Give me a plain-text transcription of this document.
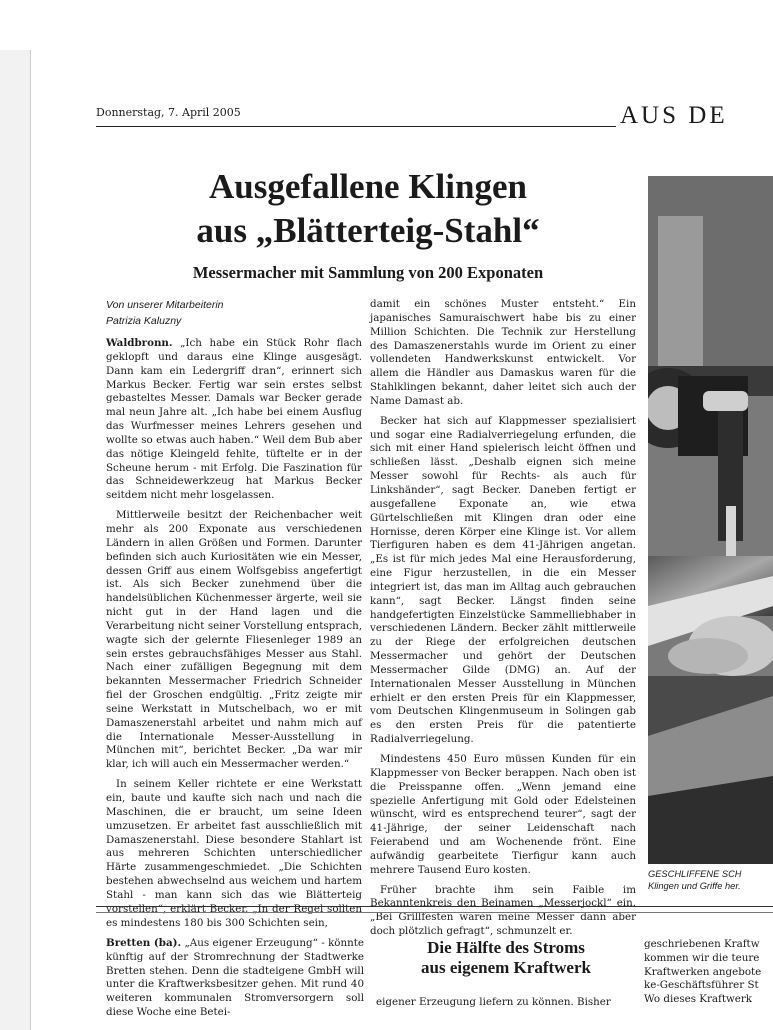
Donnerstag, 7. April 2005	AUS DE
Ausgefallene Klingen
aus „Blätterteig-Stahl“
Messermacher mit Sammlung von 200 Exponaten
Von unserer Mitarbeiterin
Patrizia Kaluzny

Waldbronn. „Ich habe ein Stück Rohr flach geklopft und daraus eine Klinge ausgesägt. Dann kam ein Ledergriff dran“, erinnert sich Markus Becker. Fertig war sein erstes selbst gebasteltes Messer. Damals war Becker gerade mal neun Jahre alt. „Ich habe bei einem Ausflug das Wurfmesser meines Lehrers gesehen und wollte so etwas auch haben.“ Weil dem Bub aber das nötige Kleingeld fehlte, tüftelte er in der Scheune herum - mit Erfolg. Die Faszination für das Schneidewerkzeug hat Markus Becker seitdem nicht mehr losgelassen.

Mittlerweile besitzt der Reichenbacher weit mehr als 200 Exponate aus verschiedenen Ländern in allen Größen und Formen. Darunter befinden sich auch Kuriositäten wie ein Messer, dessen Griff aus einem Wolfsgebiss angefertigt ist. Als sich Becker zunehmend über die handelsüblichen Küchenmesser ärgerte, weil sie nicht gut in der Hand lagen und die Verarbeitung nicht seiner Vorstellung entsprach, wagte sich der gelernte Fliesenleger 1989 an sein erstes gebrauchsfähiges Messer aus Stahl. Nach einer zufälligen Begegnung mit dem bekannten Messermacher Friedrich Schneider fiel der Groschen endgültig. „Fritz zeigte mir seine Werkstatt in Mutschelbach, wo er mit Damaszenerstahl arbeitet und nahm mich auf die Internationale Messer-Ausstellung in München mit“, berichtet Becker. „Da war mir klar, ich will auch ein Messermacher werden.“

In seinem Keller richtete er eine Werkstatt ein, baute und kaufte sich nach und nach die Maschinen, die er braucht, um seine Ideen umzusetzen. Er arbeitet fast ausschließlich mit Damaszenerstahl. Diese besondere Stahlart ist aus mehreren Schichten unterschiedlicher Härte zusammengeschmiedet. „Die Schichten bestehen abwechselnd aus weichem und hartem Stahl - man kann sich das wie Blätterteig vorstellen“, erklärt Becker. „In der Regel sollten es mindestens 180 bis 300 Schichten sein,

damit ein schönes Muster entsteht.“ Ein japanisches Samuraischwert habe bis zu einer Million Schichten. Die Technik zur Herstellung des Damaszenerstahls wurde im Orient zu einer vollendeten Handwerkskunst entwickelt. Vor allem die Händler aus Damaskus waren für die Stahlklingen bekannt, daher leitet sich auch der Name Damast ab.

Becker hat sich auf Klappmesser spezialisiert und sogar eine Radialverriegelung erfunden, die sich mit einer Hand spielerisch leicht öffnen und schließen lässt. „Deshalb eignen sich meine Messer sowohl für Rechts- als auch für Linkshänder“, sagt Becker. Daneben fertigt er ausgefallene Exponate an, wie etwa Gürtelschließen mit Klingen dran oder eine Hornisse, deren Körper eine Klinge ist. Vor allem Tierfiguren haben es dem 41-Jährigen angetan. „Es ist für mich jedes Mal eine Herausforderung, eine Figur herzustellen, in die ein Messer integriert ist, das man im Alltag auch gebrauchen kann“, sagt Becker. Längst finden seine handgefertigten Einzelstücke Sammelliebhaber in verschiedenen Ländern. Becker zählt mittlerweile zu der Riege der erfolgreichen deutschen Messermacher und gehört der Deutschen Messermacher Gilde (DMG) an. Auf der Internationalen Messer Ausstellung in München erhielt er den ersten Preis für ein Klappmesser, vom Deutschen Klingenmuseum in Solingen gab es den ersten Preis für die patentierte Radialverriegelung.

Mindestens 450 Euro müssen Kunden für ein Klappmesser von Becker berappen. Nach oben ist die Preisspanne offen. „Wenn jemand eine spezielle Anfertigung mit Gold oder Edelsteinen wünscht, wird es entsprechend teurer“, sagt der 41-Jährige, der seiner Leidenschaft nach Feierabend und am Wochenende frönt. Eine aufwändig gearbeitete Tierfigur kann auch mehrere Tausend Euro kosten.

Früher brachte ihm sein Faible im Bekanntenkreis den Beinamen „Messerjockl“ ein. „Bei Grillfesten waren meine Messer dann aber doch plötzlich gefragt“, schmunzelt er.

GESCHLIFFENE SCH
Klingen und Griffe her.
Bretten (ba). „Aus eigener Erzeugung“ - könnte künftig auf der Stromrechnung der Stadtwerke Bretten stehen. Denn die stadteigene GmbH will unter die Kraftwerksbesitzer gehen. Mit rund 40 weiteren kommunalen Stromversorgern soll diese Woche eine Betei-
Die Hälfte des Stroms
aus eigenem Kraftwerk
eigener Erzeugung liefern zu können. Bisher
geschriebenen Kraftw
kommen wir die teure
Kraftwerken angebote
ke-Geschäftsführer St
Wo dieses Kraftwerk
